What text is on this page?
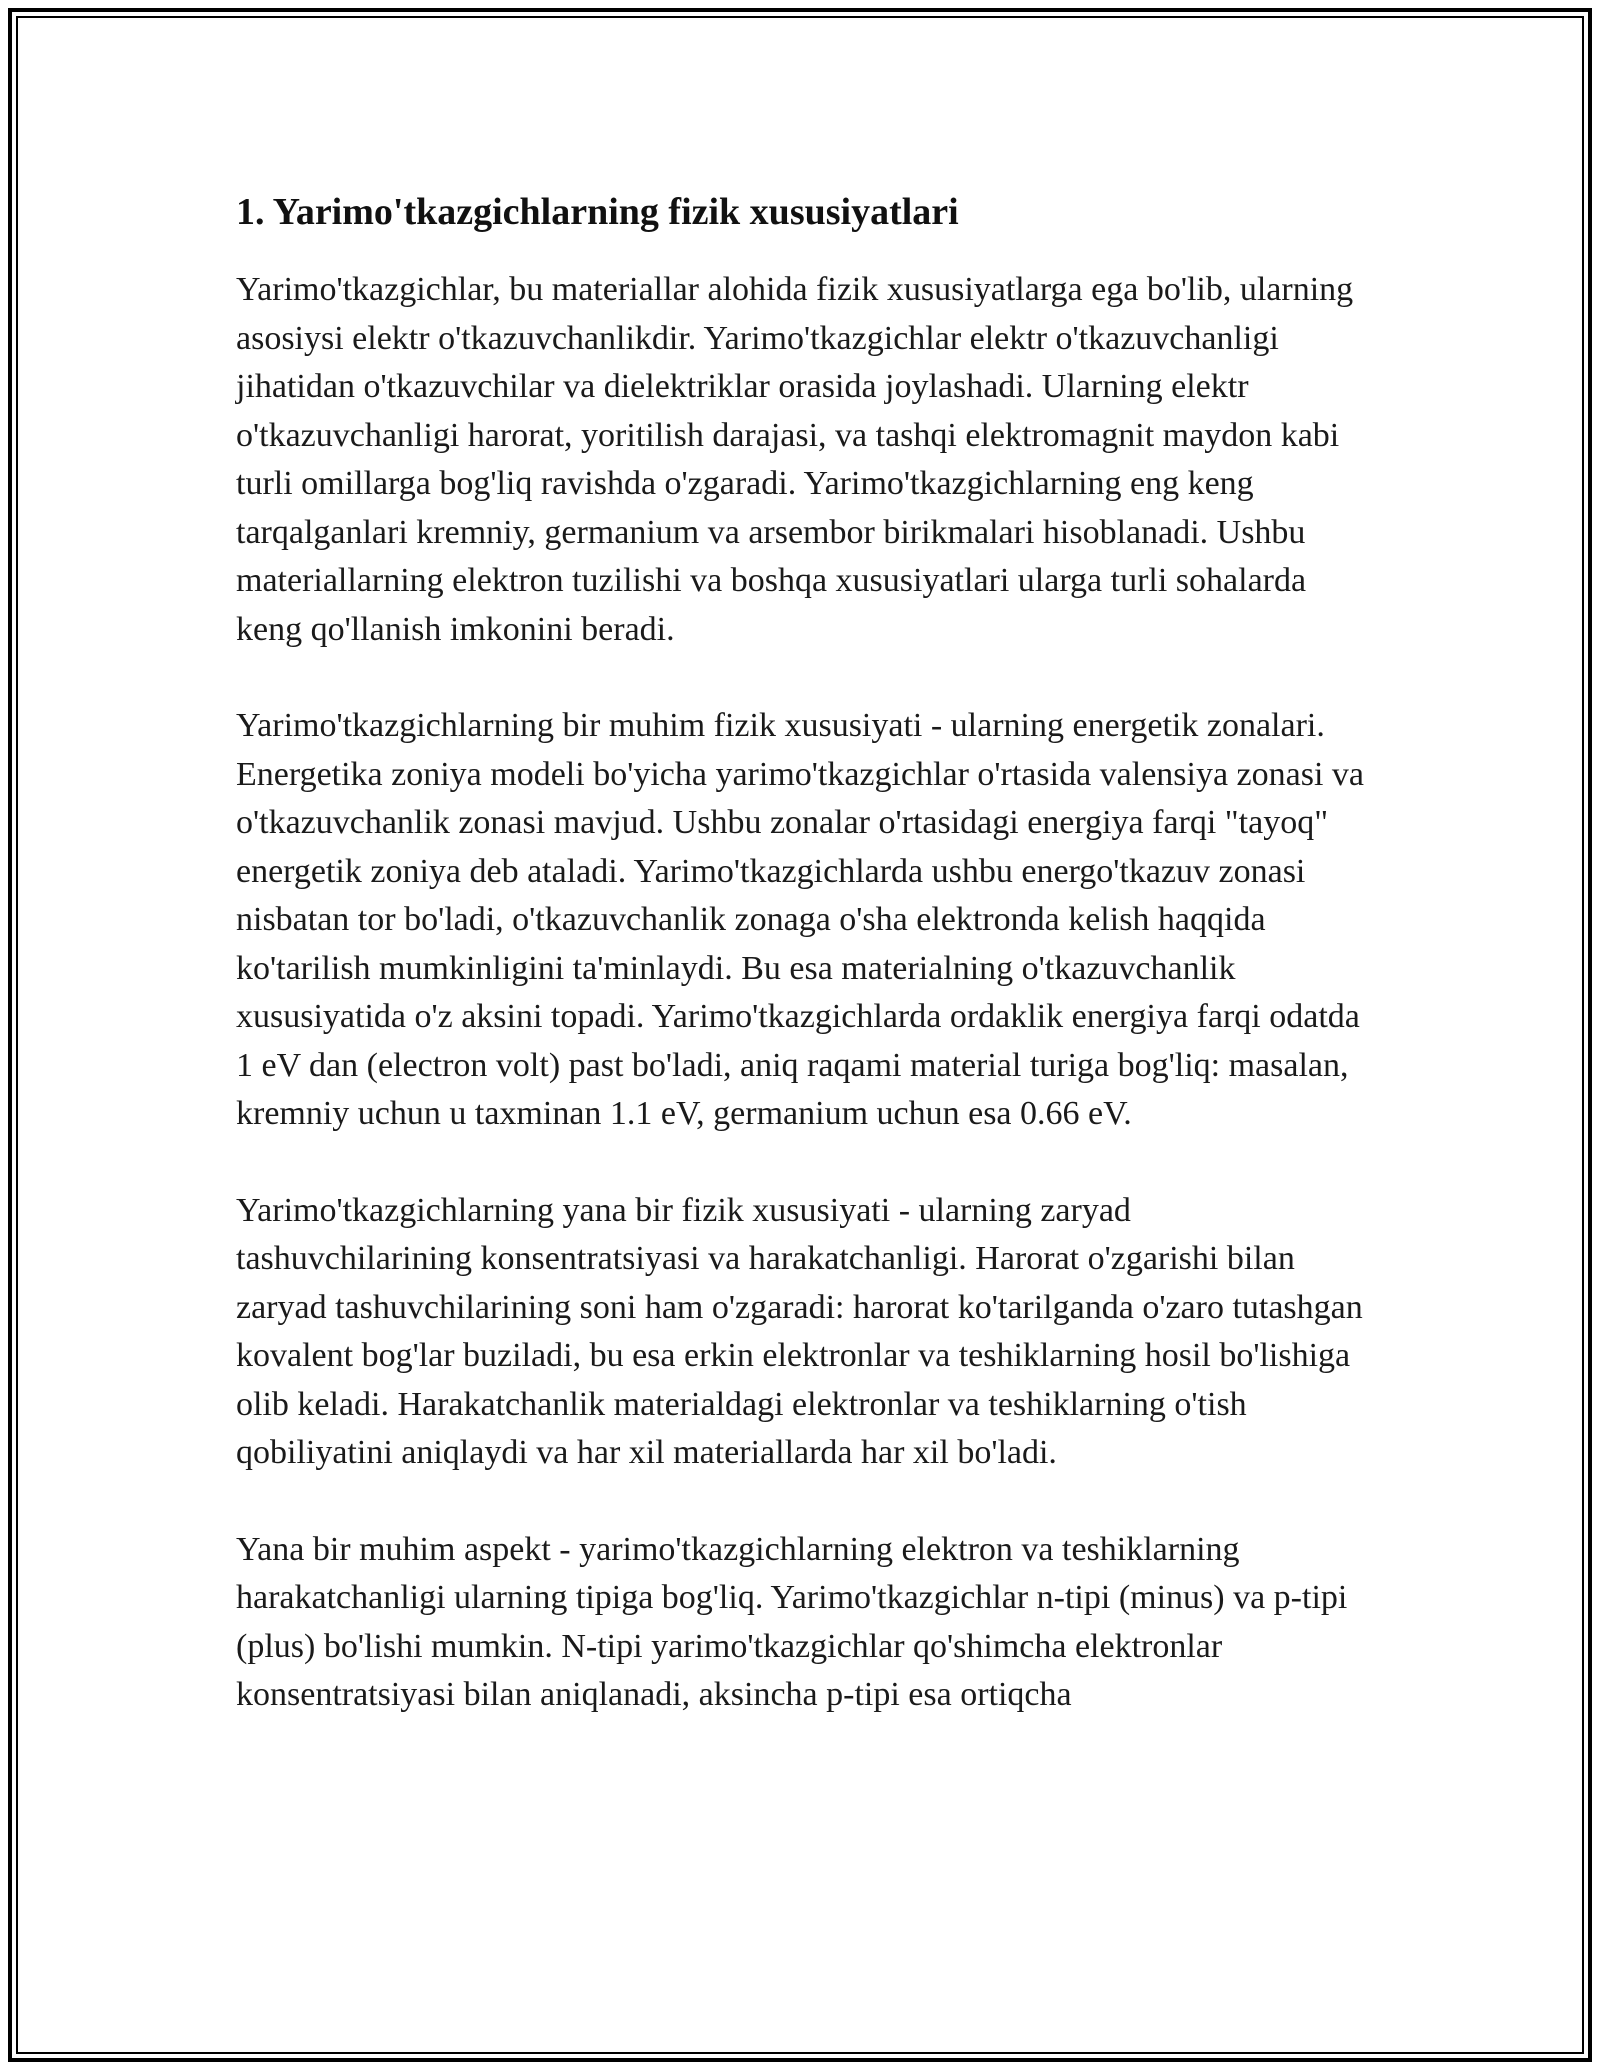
1. Yarimo'tkazgichlarning fizik xususiyatlari

Yarimo'tkazgichlar, bu materiallar alohida fizik xususiyatlarga ega bo'lib, ularning asosiysi elektr o'tkazuvchanlikdir. Yarimo'tkazgichlar elektr o'tkazuvchanligi jihatidan o'tkazuvchilar va dielektriklar orasida joylashadi. Ularning elektr o'tkazuvchanligi harorat, yoritilish darajasi, va tashqi elektromagnit maydon kabi turli omillarga bog'liq ravishda o'zgaradi. Yarimo'tkazgichlarning eng keng tarqalganlari kremniy, germanium va arsembor birikmalari hisoblanadi. Ushbu materiallarning elektron tuzilishi va boshqa xususiyatlari ularga turli sohalarda keng qo'llanish imkonini beradi.

Yarimo'tkazgichlarning bir muhim fizik xususiyati - ularning energetik zonalari. Energetika zoniya modeli bo'yicha yarimo'tkazgichlar o'rtasida valensiya zonasi va o'tkazuvchanlik zonasi mavjud. Ushbu zonalar o'rtasidagi energiya farqi "tayoq" energetik zoniya deb ataladi. Yarimo'tkazgichlarda ushbu energo'tkazuv zonasi nisbatan tor bo'ladi, o'tkazuvchanlik zonaga o'sha elektronda kelish haqqida ko'tarilish mumkinligini ta'minlaydi. Bu esa materialning o'tkazuvchanlik xususiyatida o'z aksini topadi. Yarimo'tkazgichlarda ordaklik energiya farqi odatda 1 eV dan (electron volt) past bo'ladi, aniq raqami material turiga bog'liq: masalan, kremniy uchun u taxminan 1.1 eV, germanium uchun esa 0.66 eV.

Yarimo'tkazgichlarning yana bir fizik xususiyati - ularning zaryad tashuvchilarining konsentratsiyasi va harakatchanligi. Harorat o'zgarishi bilan zaryad tashuvchilarining soni ham o'zgaradi: harorat ko'tarilganda o'zaro tutashgan kovalent bog'lar buziladi, bu esa erkin elektronlar va teshiklarning hosil bo'lishiga olib keladi. Harakatchanlik materialdagi elektronlar va teshiklarning o'tish qobiliyatini aniqlaydi va har xil materiallarda har xil bo'ladi.

Yana bir muhim aspekt - yarimo'tkazgichlarning elektron va teshiklarning harakatchanligi ularning tipiga bog'liq. Yarimo'tkazgichlar n-tipi (minus) va p-tipi (plus) bo'lishi mumkin. N-tipi yarimo'tkazgichlar qo'shimcha elektronlar konsentratsiyasi bilan aniqlanadi, aksincha p-tipi esa ortiqcha
